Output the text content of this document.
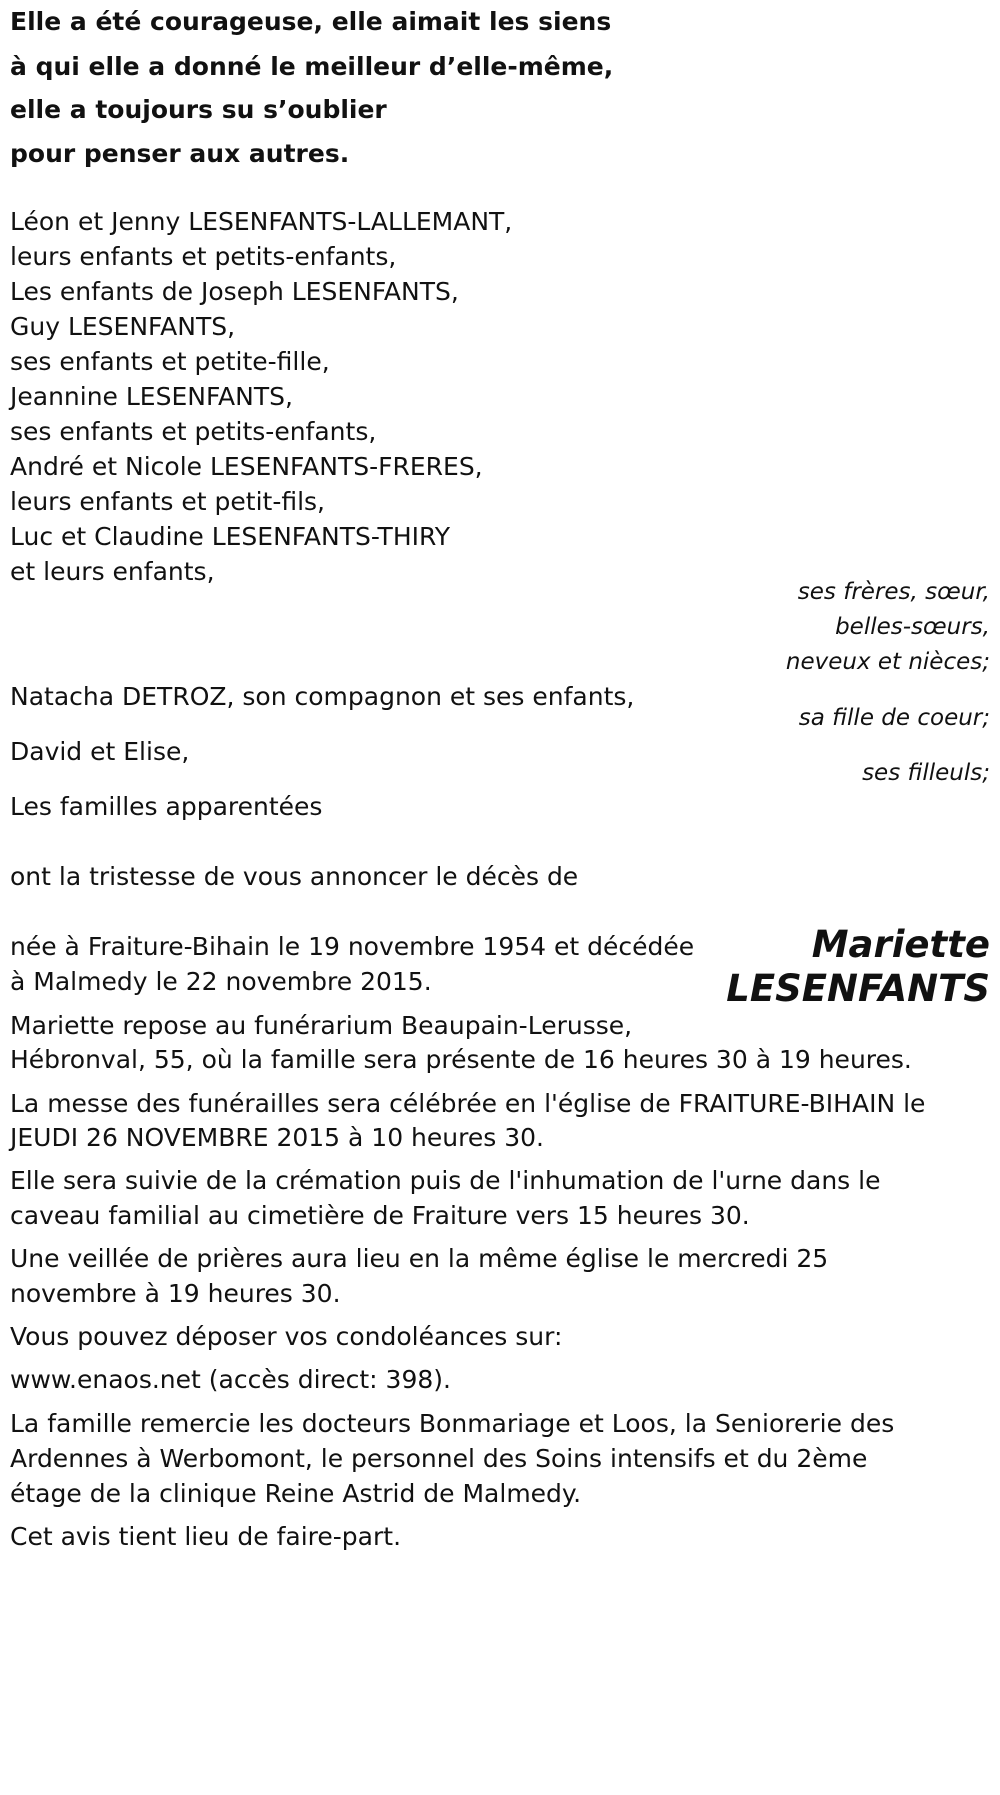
Elle a été courageuse, elle aimait les siens
à qui elle a donné le meilleur d’elle-même,
elle a toujours su s’oublier
pour penser aux autres.
Léon et Jenny LESENFANTS-LALLEMANT,
leurs enfants et petits-enfants,
Les enfants de Joseph LESENFANTS,
Guy LESENFANTS,
ses enfants et petite-fille,
Jeannine LESENFANTS,
ses enfants et petits-enfants,
André et Nicole LESENFANTS-FRERES,
leurs enfants et petit-fils,
Luc et Claudine LESENFANTS-THIRY
et leurs enfants,
ses frères, sœur,
belles-sœurs,
neveux et nièces;
Natacha DETROZ, son compagnon et ses enfants,
sa fille de coeur;
David et Elise,
ses filleuls;
Les familles apparentées
ont la tristesse de vous annoncer le décès de
Mariette
LESENFANTS
née à Fraiture-Bihain le 19 novembre 1954 et décédée
à Malmedy le 22 novembre 2015.
Mariette repose au funérarium Beaupain-Lerusse,
Hébronval, 55, où la famille sera présente de 16 heures 30 à 19 heures.
La messe des funérailles sera célébrée en l'église de FRAITURE-BIHAIN le
JEUDI 26 NOVEMBRE 2015 à 10 heures 30.
Elle sera suivie de la crémation puis de l'inhumation de l'urne dans le
caveau familial au cimetière de Fraiture vers 15 heures 30.
Une veillée de prières aura lieu en la même église le mercredi 25
novembre à 19 heures 30.
Vous pouvez déposer vos condoléances sur:
www.enaos.net (accès direct: 398).
La famille remercie les docteurs Bonmariage et Loos, la Seniorerie des
Ardennes à Werbomont, le personnel des Soins intensifs et du 2ème
étage de la clinique Reine Astrid de Malmedy.
Cet avis tient lieu de faire-part.
